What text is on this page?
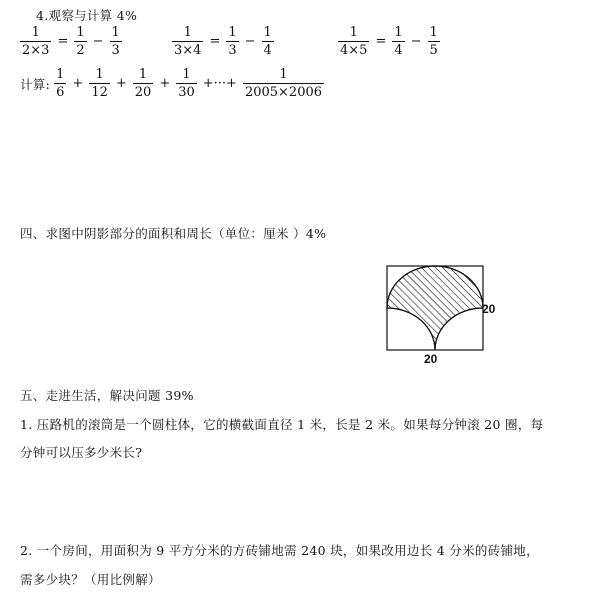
4.观察与计算 4%
$\frac{1}{2\times 3} = \frac{1}{2} - \frac{1}{3}$	$\frac{1}{3\times 4} = \frac{1}{3} - \frac{1}{4}$	$\frac{1}{4\times 5} = \frac{1}{4} - \frac{1}{5}$
计算: $\frac{1}{6} + \frac{1}{12} + \frac{1}{20} + \frac{1}{30}$ +···+ $\frac{1}{2005\times 2006}$
四、求图中阴影部分的面积和周长（单位：厘米 ）4%
20
20
五、走进生活，解决问题 39%
1. 压路机的滚筒是一个圆柱体，它的横截面直径 1 米，长是 2 米。如果每分钟滚 20 圈，每
分钟可以压多少米长?
2. 一个房间，用面积为 9 平方分米的方砖铺地需 240 块，如果改用边长 4 分米的砖铺地，
需多少块？（用比例解）
